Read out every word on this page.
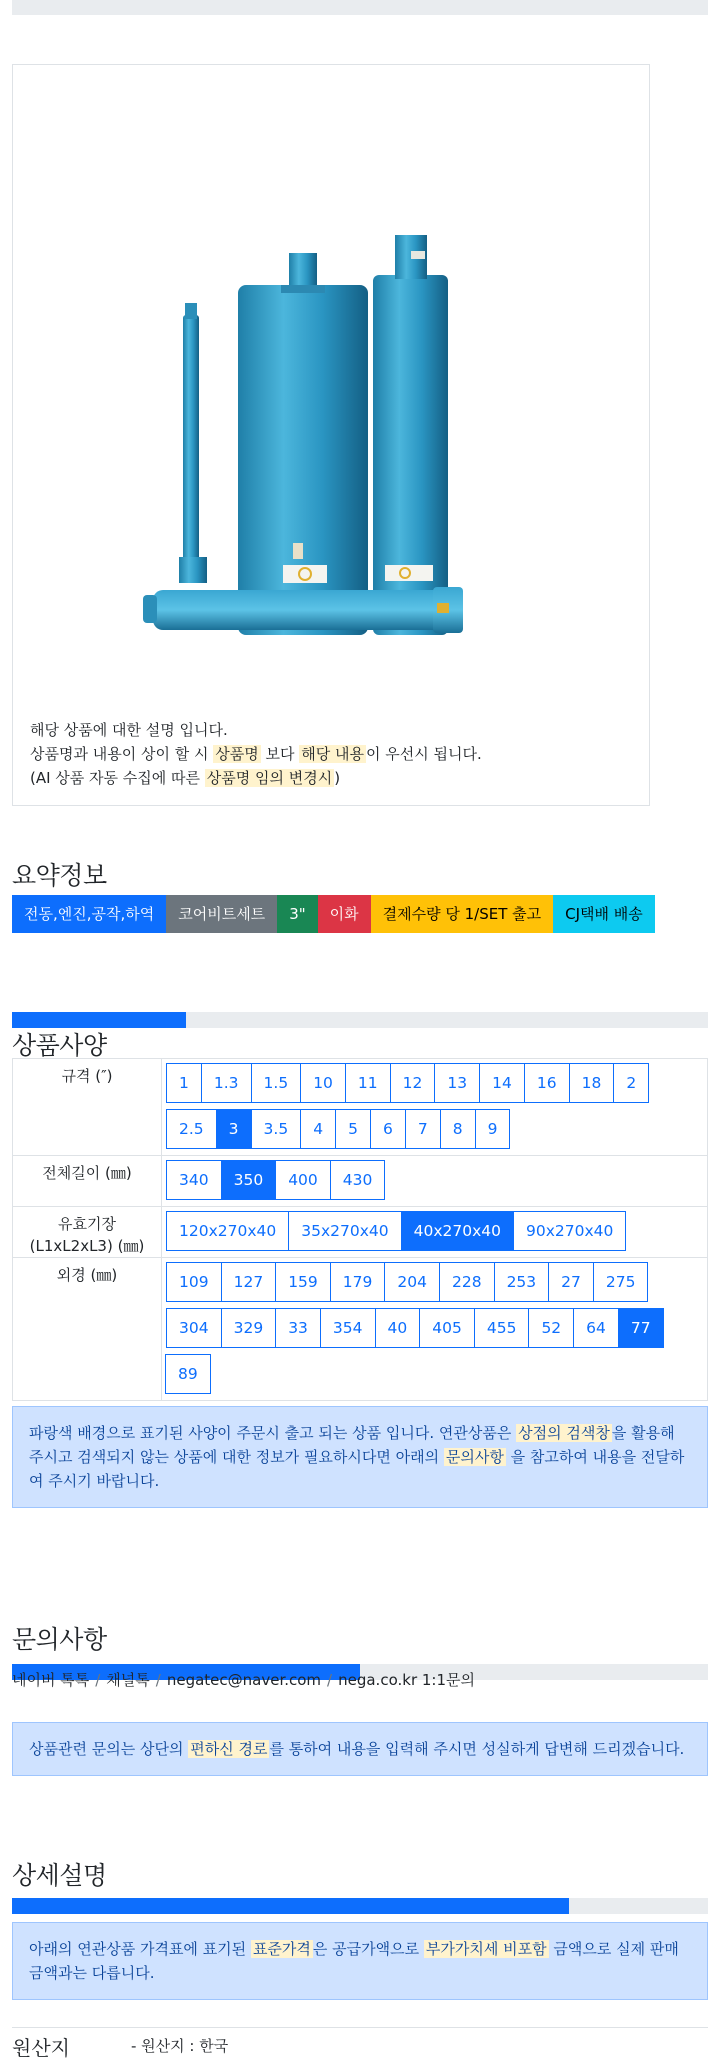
해당 상품에 대한 설명 입니다.
상품명과 내용이 상이 할 시 상품명 보다 해당 내용 이 우선시 됩니다.
(AI 상품 자동 수집에 따른 상품명 임의 변경시 )
요약정보
전동,엔진,공작,하역	코어비트세트	3"	이화	결제수량 당 1/SET 출고	CJ택배 배송
상품사양
규격 (″)	1	1.3	1.5	10	11	12	13	14	16	18	2
2.5	3	3.5	4	5	6	7	8	9
전체길이 (㎜)	340	350	400	430
유효기장
(L1xL2xL3) (㎜)
120x270x40	35x270x40	40x270x40	90x270x40
외경 (㎜)	109	127	159	179	204	228	253	27	275
304	329	33	354	40	405	455	52	64	77
89
파랑색 배경으로 표기된 사양이 주문시 출고 되는 상품 입니다. 연관상품은 상점의 검색창 을 활용해 주시고 검색되지 않는 상품에 대한 정보가 필요하시다면 아래의 문의사항 을 참고하여 내용을 전달하여 주시기 바랍니다.
문의사항
네이버 톡톡 / 채널톡 / negatec@naver.com / nega.co.kr 1:1문의
상품관련 문의는 상단의 편하신 경로 를 통하여 내용을 입력해 주시면 성실하게 답변해 드리겠습니다.
상세설명
아래의 연관상품 가격표에 표기된 표준가격 은 공급가액으로 부가가치세 비포함 금액으로 실제 판매금액과는 다릅니다.
원산지	- 원산지 : 한국
